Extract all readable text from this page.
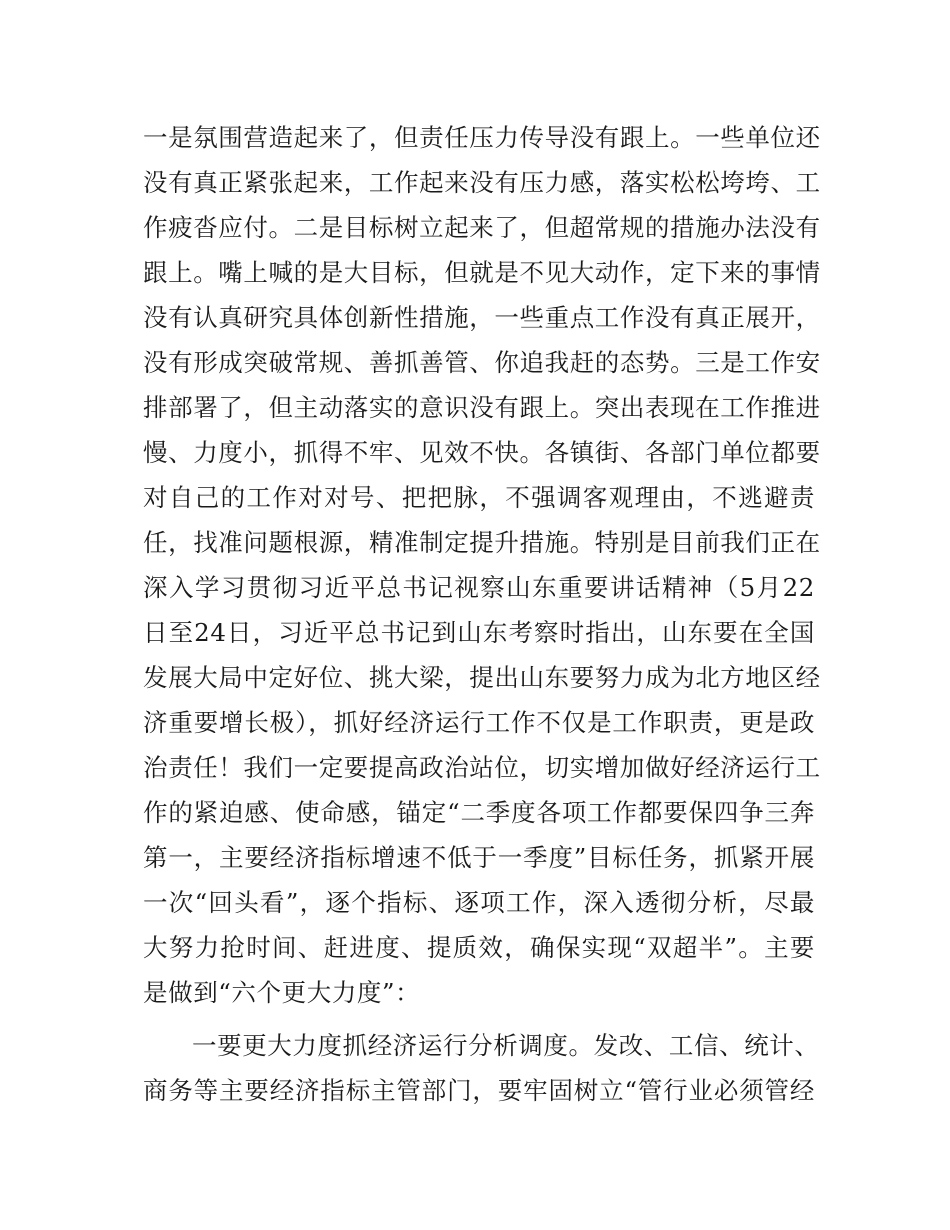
一是氛围营造起来了，但责任压力传导没有跟上。一些单位还
没有真正紧张起来，工作起来没有压力感，落实松松垮垮、工
作疲沓应付。二是目标树立起来了，但超常规的措施办法没有
跟上。嘴上喊的是大目标，但就是不见大动作，定下来的事情
没有认真研究具体创新性措施，一些重点工作没有真正展开，
没有形成突破常规、善抓善管、你追我赶的态势。三是工作安
排部署了，但主动落实的意识没有跟上。突出表现在工作推进
慢、力度小，抓得不牢、见效不快。各镇街、各部门单位都要
对自己的工作对对号、把把脉，不强调客观理由，不逃避责
任，找准问题根源，精准制定提升措施。特别是目前我们正在
深入学习贯彻习近平总书记视察山东重要讲话精神（5月22
日至24日，习近平总书记到山东考察时指出，山东要在全国
发展大局中定好位、挑大梁，提出山东要努力成为北方地区经
济重要增长极），抓好经济运行工作不仅是工作职责，更是政
治责任！我们一定要提高政治站位，切实增加做好经济运行工
作的紧迫感、使命感，锚定“二季度各项工作都要保四争三奔
第一，主要经济指标增速不低于一季度”目标任务，抓紧开展
一次“回头看”，逐个指标、逐项工作，深入透彻分析，尽最
大努力抢时间、赶进度、提质效，确保实现“双超半”。主要
是做到“六个更大力度”：
一要更大力度抓经济运行分析调度。发改、工信、统计、
商务等主要经济指标主管部门，要牢固树立“管行业必须管经
